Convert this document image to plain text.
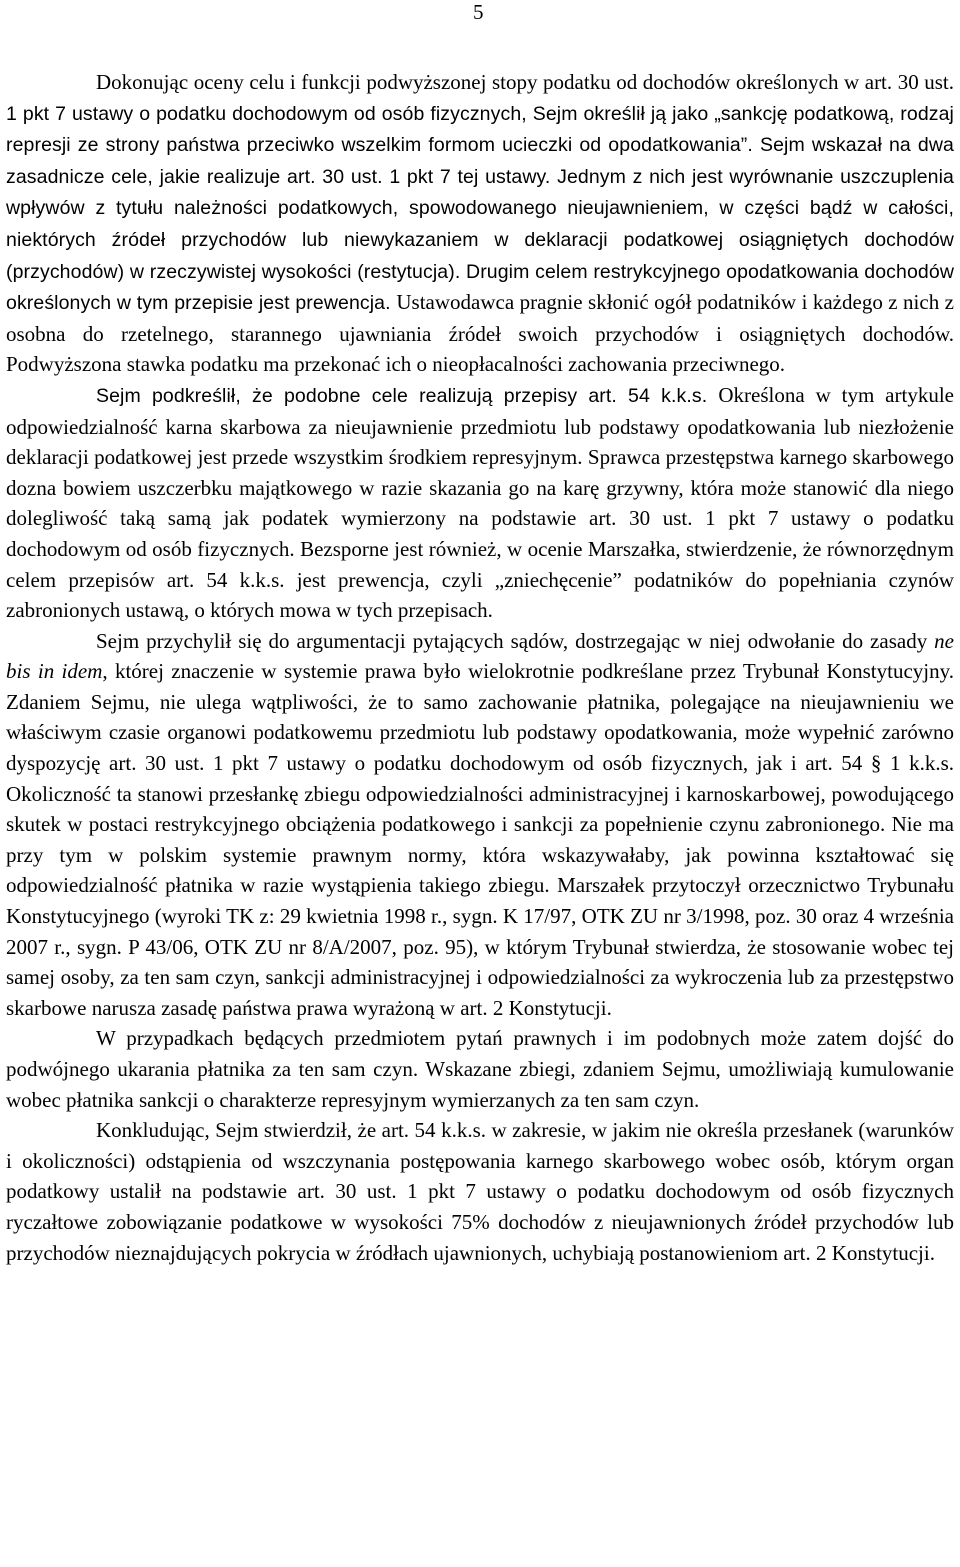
5

Dokonując oceny celu i funkcji podwyższonej stopy podatku od dochodów określonych w art. 30 ust. 1 pkt 7 ustawy o podatku dochodowym od osób fizycznych, Sejm określił ją jako „sankcję podatkową, rodzaj represji ze strony państwa przeciwko wszelkim formom ucieczki od opodatkowania”. Sejm wskazał na dwa zasadnicze cele, jakie realizuje art. 30 ust. 1 pkt 7 tej ustawy. Jednym z nich jest wyrównanie uszczuplenia wpływów z tytułu należności podatkowych, spowodowanego nieujawnieniem, w części bądź w całości, niektórych źródeł przychodów lub niewykazaniem w deklaracji podatkowej osiągniętych dochodów (przychodów) w rzeczywistej wysokości (restytucja). Drugim celem restrykcyjnego opodatkowania dochodów określonych w tym przepisie jest prewencja. Ustawodawca pragnie skłonić ogół podatników i każdego z nich z osobna do rzetelnego, starannego ujawniania źródeł swoich przychodów i osiągniętych dochodów. Podwyższona stawka podatku ma przekonać ich o nieopłacalności zachowania przeciwnego.

Sejm podkreślił, że podobne cele realizują przepisy art. 54 k.k.s. Określona w tym artykule odpowiedzialność karna skarbowa za nieujawnienie przedmiotu lub podstawy opodatkowania lub niezłożenie deklaracji podatkowej jest przede wszystkim środkiem represyjnym. Sprawca przestępstwa karnego skarbowego dozna bowiem uszczerbku majątkowego w razie skazania go na karę grzywny, która może stanowić dla niego dolegliwość taką samą jak podatek wymierzony na podstawie art. 30 ust. 1 pkt 7 ustawy o podatku dochodowym od osób fizycznych. Bezsporne jest również, w ocenie Marszałka, stwierdzenie, że równorzędnym celem przepisów art. 54 k.k.s. jest prewencja, czyli „zniechęcenie” podatników do popełniania czynów zabronionych ustawą, o których mowa w tych przepisach.

Sejm przychylił się do argumentacji pytających sądów, dostrzegając w niej odwołanie do zasady ne bis in idem, której znaczenie w systemie prawa było wielokrotnie podkreślane przez Trybunał Konstytucyjny. Zdaniem Sejmu, nie ulega wątpliwości, że to samo zachowanie płatnika, polegające na nieujawnieniu we właściwym czasie organowi podatkowemu przedmiotu lub podstawy opodatkowania, może wypełnić zarówno dyspozycję art. 30 ust. 1 pkt 7 ustawy o podatku dochodowym od osób fizycznych, jak i art. 54 § 1 k.k.s. Okoliczność ta stanowi przesłankę zbiegu odpowiedzialności administracyjnej i karnoskarbowej, powodującego skutek w postaci restrykcyjnego obciążenia podatkowego i sankcji za popełnienie czynu zabronionego. Nie ma przy tym w polskim systemie prawnym normy, która wskazywałaby, jak powinna kształtować się odpowiedzialność płatnika w razie wystąpienia takiego zbiegu. Marszałek przytoczył orzecznictwo Trybunału Konstytucyjnego (wyroki TK z: 29 kwietnia 1998 r., sygn. K 17/97, OTK ZU nr 3/1998, poz. 30 oraz 4 września 2007 r., sygn. P 43/06, OTK ZU nr 8/A/2007, poz. 95), w którym Trybunał stwierdza, że stosowanie wobec tej samej osoby, za ten sam czyn, sankcji administracyjnej i odpowiedzialności za wykroczenia lub za przestępstwo skarbowe narusza zasadę państwa prawa wyrażoną w art. 2 Konstytucji.

W przypadkach będących przedmiotem pytań prawnych i im podobnych może zatem dojść do podwójnego ukarania płatnika za ten sam czyn. Wskazane zbiegi, zdaniem Sejmu, umożliwiają kumulowanie wobec płatnika sankcji o charakterze represyjnym wymierzanych za ten sam czyn.

Konkludując, Sejm stwierdził, że art. 54 k.k.s. w zakresie, w jakim nie określa przesłanek (warunków i okoliczności) odstąpienia od wszczynania postępowania karnego skarbowego wobec osób, którym organ podatkowy ustalił na podstawie art. 30 ust. 1 pkt 7 ustawy o podatku dochodowym od osób fizycznych ryczałtowe zobowiązanie podatkowe w wysokości 75% dochodów z nieujawnionych źródeł przychodów lub przychodów nieznajdujących pokrycia w źródłach ujawnionych, uchybiają postanowieniom art. 2 Konstytucji.
